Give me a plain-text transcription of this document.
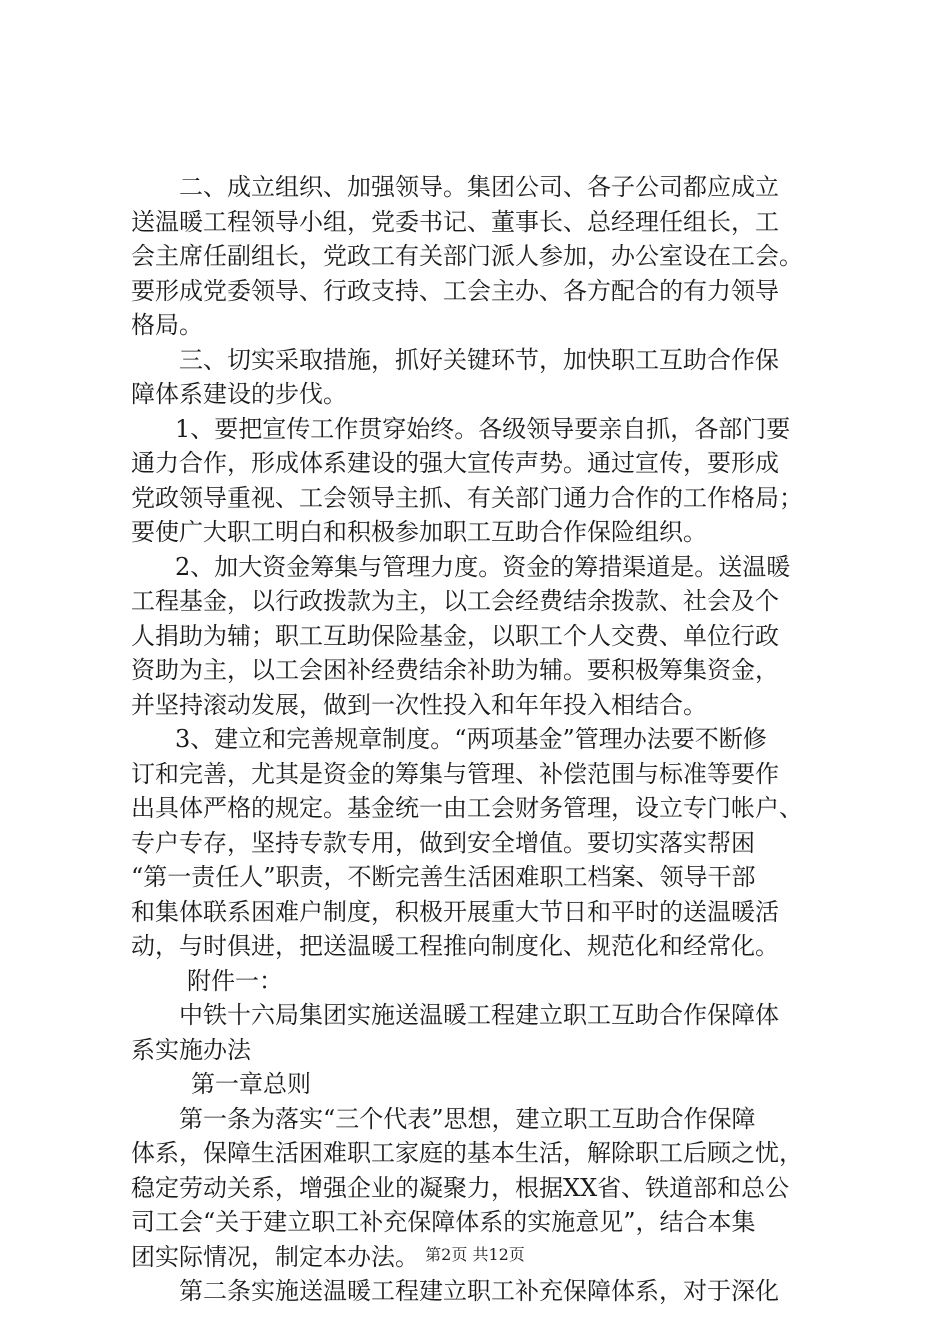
二、成立组织、加强领导。集团公司、各子公司都应成立
送温暖工程领导小组，党委书记、董事长、总经理任组长，工
会主席任副组长，党政工有关部门派人参加，办公室设在工会。
要形成党委领导、行政支持、工会主办、各方配合的有力领导
格局。
三、切实采取措施，抓好关键环节，加快职工互助合作保
障体系建设的步伐。
1、要把宣传工作贯穿始终。各级领导要亲自抓，各部门要
通力合作，形成体系建设的强大宣传声势。通过宣传，要形成
党政领导重视、工会领导主抓、有关部门通力合作的工作格局；
要使广大职工明白和积极参加职工互助合作保险组织。
2、加大资金筹集与管理力度。资金的筹措渠道是。送温暖
工程基金，以行政拨款为主，以工会经费结余拨款、社会及个
人捐助为辅；职工互助保险基金，以职工个人交费、单位行政
资助为主，以工会困补经费结余补助为辅。要积极筹集资金，
并坚持滚动发展，做到一次性投入和年年投入相结合。
3、建立和完善规章制度。“两项基金”管理办法要不断修
订和完善，尤其是资金的筹集与管理、补偿范围与标准等要作
出具体严格的规定。基金统一由工会财务管理，设立专门帐户、
专户专存，坚持专款专用，做到安全增值。要切实落实帮困
“第一责任人”职责，不断完善生活困难职工档案、领导干部
和集体联系困难户制度，积极开展重大节日和平时的送温暖活
动，与时俱进，把送温暖工程推向制度化、规范化和经常化。
附件一：
中铁十六局集团实施送温暖工程建立职工互助合作保障体
系实施办法
第一章总则
第一条为落实“三个代表”思想，建立职工互助合作保障
体系，保障生活困难职工家庭的基本生活，解除职工后顾之忧，
稳定劳动关系，增强企业的凝聚力，根据XX省、铁道部和总公
司工会“关于建立职工补充保障体系的实施意见”，结合本集
团实际情况，制定本办法。
第二条实施送温暖工程建立职工补充保障体系，对于深化
第2页 共12页
